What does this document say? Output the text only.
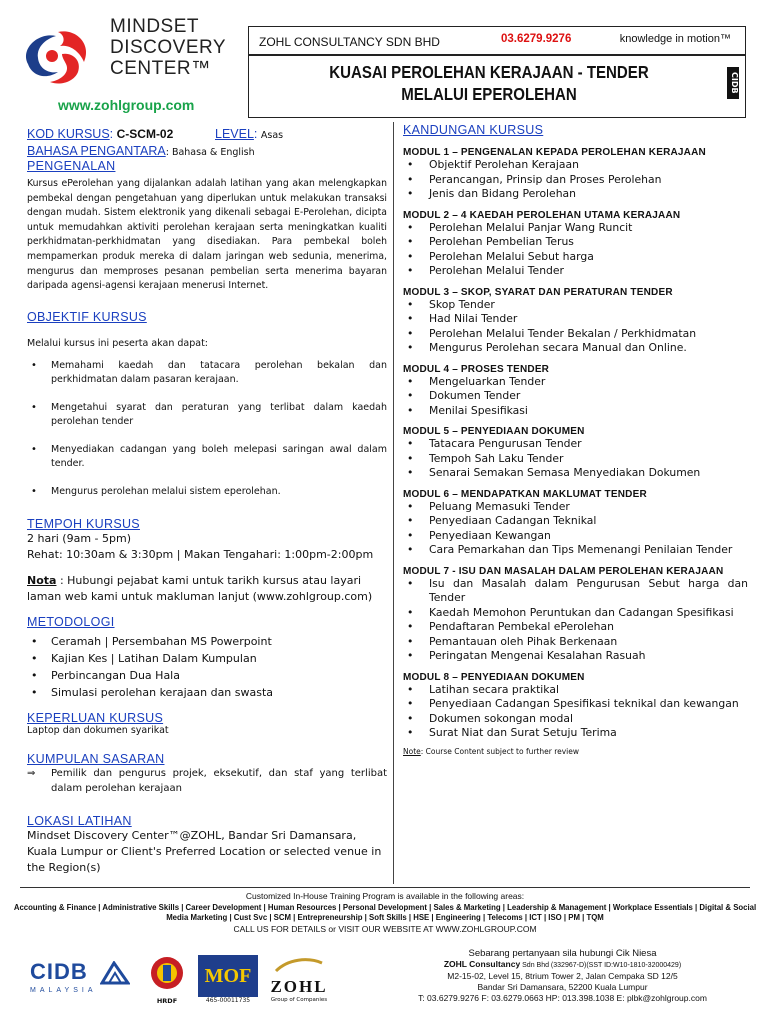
MINDSET
DISCOVERY
CENTER™
www.zohlgroup.com
ZOHL CONSULTANCY SDN BHD	03.6279.9276	knowledge in motion™
KUASAI PEROLEHAN KERAJAAN - TENDER MELALUI EPEROLEHAN
CIDB
KOD KURSUS: C-SCM-02	LEVEL: Asas
BAHASA PENGANTARA: Bahasa & English
PENGENALAN

Kursus ePerolehan yang dijalankan adalah latihan yang akan melengkapkan pembekal dengan pengetahuan yang diperlukan untuk melakukan transaksi dengan mudah. Sistem elektronik yang dikenali sebagai E-Perolehan, dicipta untuk memudahkan aktiviti perolehan kerajaan serta meningkatkan kualiti perkhidmatan-perkhidmatan yang disediakan. Para pembekal boleh mempamerkan produk mereka di dalam jaringan web sedunia, menerima, mengurus dan memproses pesanan pembelian serta menerima bayaran daripada agensi-agensi kerajaan menerusi Internet.

OBJEKTIF KURSUS

Melalui kursus ini peserta akan dapat:

• Memahami kaedah dan tatacara perolehan bekalan dan perkhidmatan dalam pasaran kerajaan.
• Mengetahui syarat dan peraturan yang terlibat dalam kaedah perolehan tender
• Menyediakan cadangan yang boleh melepasi saringan awal dalam tender.
• Mengurus perolehan melalui sistem eperolehan.
TEMPOH KURSUS

2 hari (9am - 5pm)

Rehat: 10:30am & 3:30pm | Makan Tengahari: 1:00pm-2:00pm

Nota : Hubungi pejabat kami untuk tarikh kursus atau layari laman web kami untuk makluman lanjut (www.zohlgroup.com)

METODOLOGI
• Ceramah | Persembahan MS Powerpoint
• Kajian Kes | Latihan Dalam Kumpulan
• Perbincangan Dua Hala
• Simulasi perolehan kerajaan dan swasta
KEPERLUAN KURSUS

Laptop dan dokumen syarikat

KUMPULAN SASARAN

⇒ Pemilik dan pengurus projek, eksekutif, dan staf yang terlibat dalam perolehan kerajaan

LOKASI LATIHAN

Mindset Discovery Center™@ZOHL, Bandar Sri Damansara, Kuala Lumpur or Client's Preferred Location or selected venue in the Region(s)

KANDUNGAN KURSUS
MODUL 1 – PENGENALAN KEPADA PEROLEHAN KERAJAAN
• Objektif Perolehan Kerajaan
• Perancangan, Prinsip dan Proses Perolehan
• Jenis dan Bidang Perolehan
MODUL 2 – 4 KAEDAH PEROLEHAN UTAMA KERAJAAN
• Perolehan Melalui Panjar Wang Runcit
• Perolehan Pembelian Terus
• Perolehan Melalui Sebut harga
• Perolehan Melalui Tender
MODUL 3 – SKOP, SYARAT DAN PERATURAN TENDER
• Skop Tender
• Had Nilai Tender
• Perolehan Melalui Tender Bekalan / Perkhidmatan
• Mengurus Perolehan secara Manual dan Online.
MODUL 4 – PROSES TENDER
• Mengeluarkan Tender
• Dokumen Tender
• Menilai Spesifikasi
MODUL 5 – PENYEDIAAN DOKUMEN
• Tatacara Pengurusan Tender
• Tempoh Sah Laku Tender
• Senarai Semakan Semasa Menyediakan Dokumen
MODUL 6 – MENDAPATKAN MAKLUMAT TENDER
• Peluang Memasuki Tender
• Penyediaan Cadangan Teknikal
• Penyediaan Kewangan
• Cara Pemarkahan dan Tips Memenangi Penilaian Tender
MODUL 7 - ISU DAN MASALAH DALAM PEROLEHAN KERAJAAN
• Isu dan Masalah dalam Pengurusan Sebut harga dan Tender
• Kaedah Memohon Peruntukan dan Cadangan Spesifikasi
• Pendaftaran Pembekal ePerolehan
• Pemantauan oleh Pihak Berkenaan
• Peringatan Mengenai Kesalahan Rasuah
MODUL 8 – PENYEDIAAN DOKUMEN
• Latihan secara praktikal
• Penyediaan Cadangan Spesifikasi teknikal dan kewangan
• Dokumen sokongan modal
• Surat Niat dan Surat Setuju Terima

Note: Course Content subject to further review

Customized In-House Training Program is available in the following areas:
Accounting & Finance | Administrative Skills | Career Development | Human Resources | Personal Development | Sales & Marketing | Leadership & Management | Workplace Essentials | Digital & Social Media Marketing | Cust Svc | SCM | Entrepreneurship | Soft Skills | HSE | Engineering | Telecoms | ICT | ISO | PM | TQM
CALL US FOR DETAILS or VISIT OUR WEBSITE AT WWW.ZOHLGROUP.COM
CIDB
MALAYSIA
HRDF
MOF
465-00011735
ZOHL
Group of Companies
Sebarang pertanyaan sila hubungi Cik Niesa
ZOHL Consultancy Sdn Bhd (332967-D)(SST ID:W10-1810-32000429)
M2-15-02, Level 15, 8trium Tower 2, Jalan Cempaka SD 12/5
Bandar Sri Damansara, 52200 Kuala Lumpur
T: 03.6279.9276 F: 03.6279.0663 HP: 013.398.1038 E: plbk@zohlgroup.com
